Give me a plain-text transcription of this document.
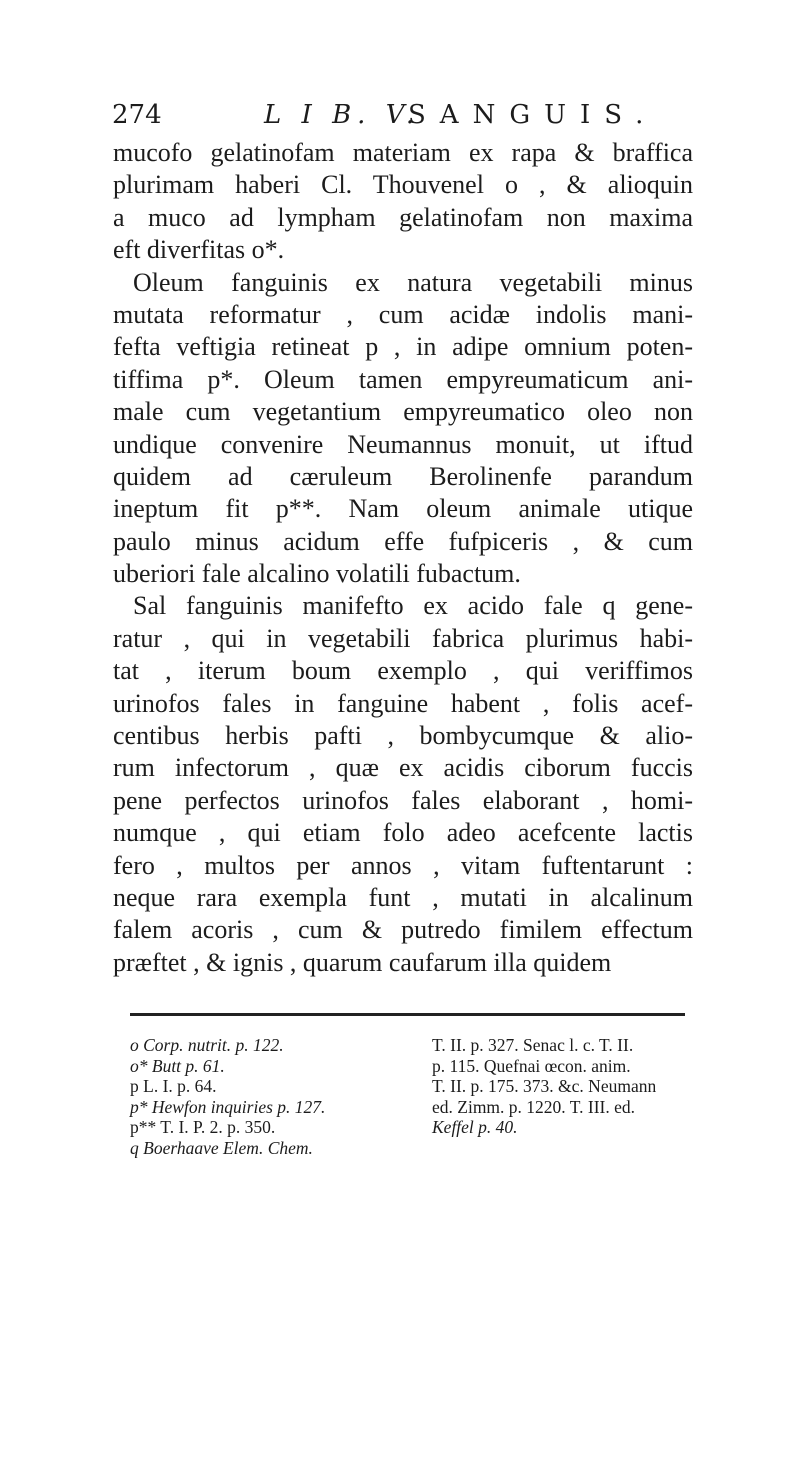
274	L I B. V.
SANGUIS.
mucofo gelatinofam materiam ex rapa & braffica
plurimam haberi Cl. Thouvenel o , & alioquin
a muco ad lympham gelatinofam non maxima
eft diverfitas o*.
Oleum fanguinis ex natura vegetabili minus
mutata reformatur , cum acidæ indolis mani-
fefta veftigia retineat p , in adipe omnium poten-
tiffima p*. Oleum tamen empyreumaticum ani-
male cum vegetantium empyreumatico oleo non
undique convenire Neumannus monuit, ut iftud
quidem ad cæruleum Berolinenfe parandum
ineptum fit p**. Nam oleum animale utique
paulo minus acidum effe fufpiceris , & cum
uberiori fale alcalino volatili fubactum.
Sal fanguinis manifefto ex acido fale q gene-
ratur , qui in vegetabili fabrica plurimus habi-
tat , iterum boum exemplo , qui veriffimos
urinofos fales in fanguine habent , folis acef-
centibus herbis pafti , bombycumque & alio-
rum infectorum , quæ ex acidis ciborum fuccis
pene perfectos urinofos fales elaborant , homi-
numque , qui etiam folo adeo acefcente lactis
fero , multos per annos , vitam fuftentarunt :
neque rara exempla funt , mutati in alcalinum
falem acoris , cum & putredo fimilem effectum
præftet , & ignis , quarum caufarum illa quidem
o Corp. nutrit. p. 122.
o* Butt p. 61.
p L. I. p. 64.
p* Hewfon inquiries p. 127.
p** T. I. P. 2. p. 350.
q Boerhaave Elem. Chem.
T. II. p. 327. Senac l. c. T. II.
p. 115. Quefnai œcon. anim.
T. II. p. 175. 373. &c. Neumann
ed. Zimm. p. 1220. T. III. ed.
Keffel p. 40.
